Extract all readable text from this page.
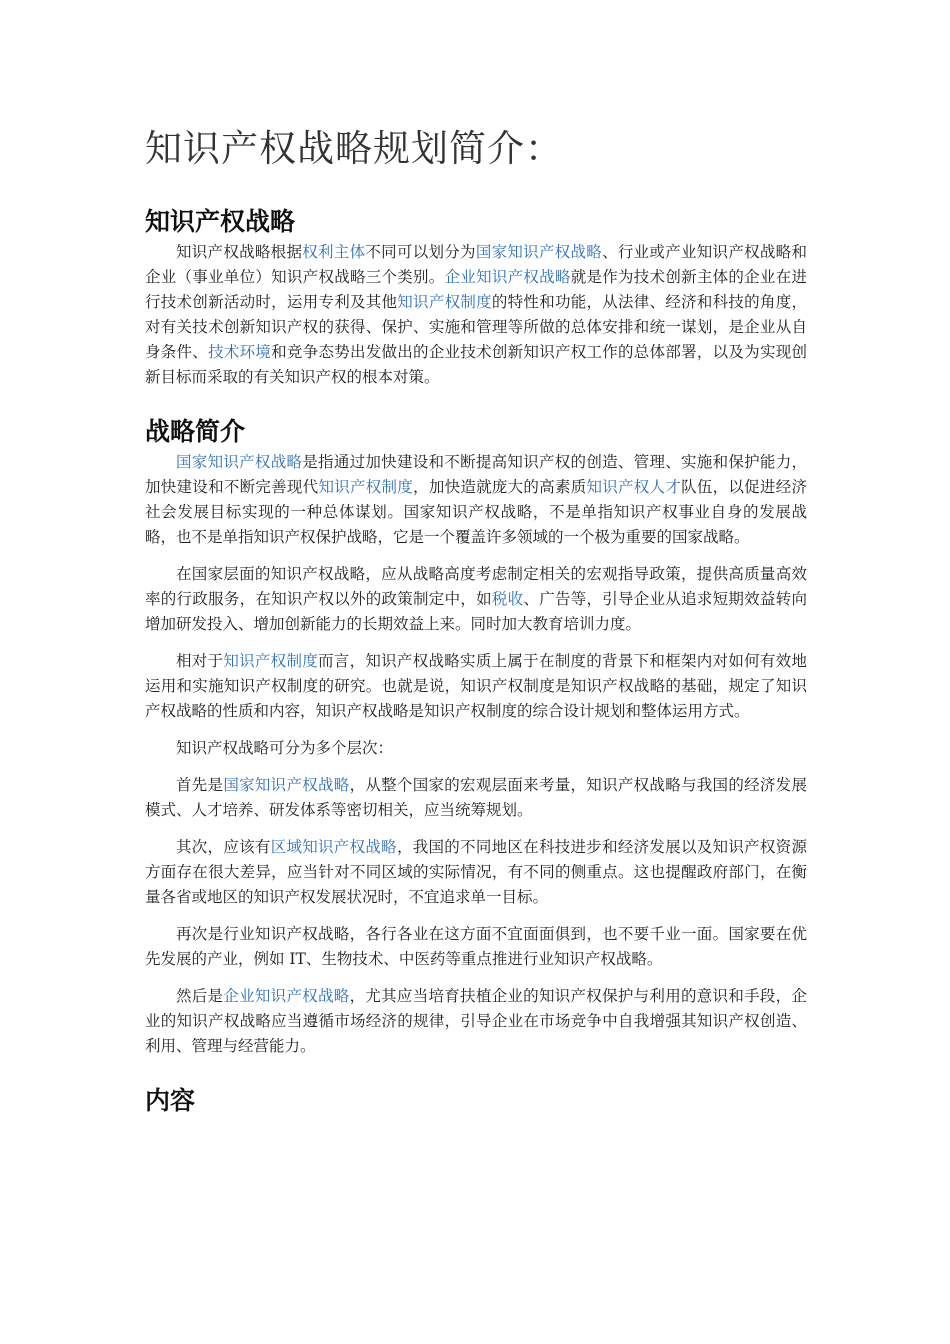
知识产权战略规划简介：
知识产权战略

知识产权战略根据权利主体不同可以划分为国家知识产权战略、行业或产业知识产权战略和企业（事业单位）知识产权战略三个类别。企业知识产权战略就是作为技术创新主体的企业在进行技术创新活动时，运用专利及其他知识产权制度的特性和功能，从法律、经济和科技的角度，对有关技术创新知识产权的获得、保护、实施和管理等所做的总体安排和统一谋划，是企业从自身条件、技术环境和竞争态势出发做出的企业技术创新知识产权工作的总体部署，以及为实现创新目标而采取的有关知识产权的根本对策。

战略简介

国家知识产权战略是指通过加快建设和不断提高知识产权的创造、管理、实施和保护能力，加快建设和不断完善现代知识产权制度，加快造就庞大的高素质知识产权人才队伍，以促进经济社会发展目标实现的一种总体谋划。国家知识产权战略，不是单指知识产权事业自身的发展战略，也不是单指知识产权保护战略，它是一个覆盖许多领域的一个极为重要的国家战略。

在国家层面的知识产权战略，应从战略高度考虑制定相关的宏观指导政策，提供高质量高效率的行政服务，在知识产权以外的政策制定中，如税收、广告等，引导企业从追求短期效益转向增加研发投入、增加创新能力的长期效益上来。同时加大教育培训力度。

相对于知识产权制度而言，知识产权战略实质上属于在制度的背景下和框架内对如何有效地运用和实施知识产权制度的研究。也就是说，知识产权制度是知识产权战略的基础，规定了知识产权战略的性质和内容，知识产权战略是知识产权制度的综合设计规划和整体运用方式。

知识产权战略可分为多个层次：

首先是国家知识产权战略，从整个国家的宏观层面来考量，知识产权战略与我国的经济发展模式、人才培养、研发体系等密切相关，应当统筹规划。

其次，应该有区域知识产权战略，我国的不同地区在科技进步和经济发展以及知识产权资源方面存在很大差异，应当针对不同区域的实际情况，有不同的侧重点。这也提醒政府部门，在衡量各省或地区的知识产权发展状况时，不宜追求单一目标。

再次是行业知识产权战略，各行各业在这方面不宜面面俱到，也不要千业一面。国家要在优先发展的产业，例如 IT、生物技术、中医药等重点推进行业知识产权战略。

然后是企业知识产权战略，尤其应当培育扶植企业的知识产权保护与利用的意识和手段，企业的知识产权战略应当遵循市场经济的规律，引导企业在市场竞争中自我增强其知识产权创造、利用、管理与经营能力。

内容
